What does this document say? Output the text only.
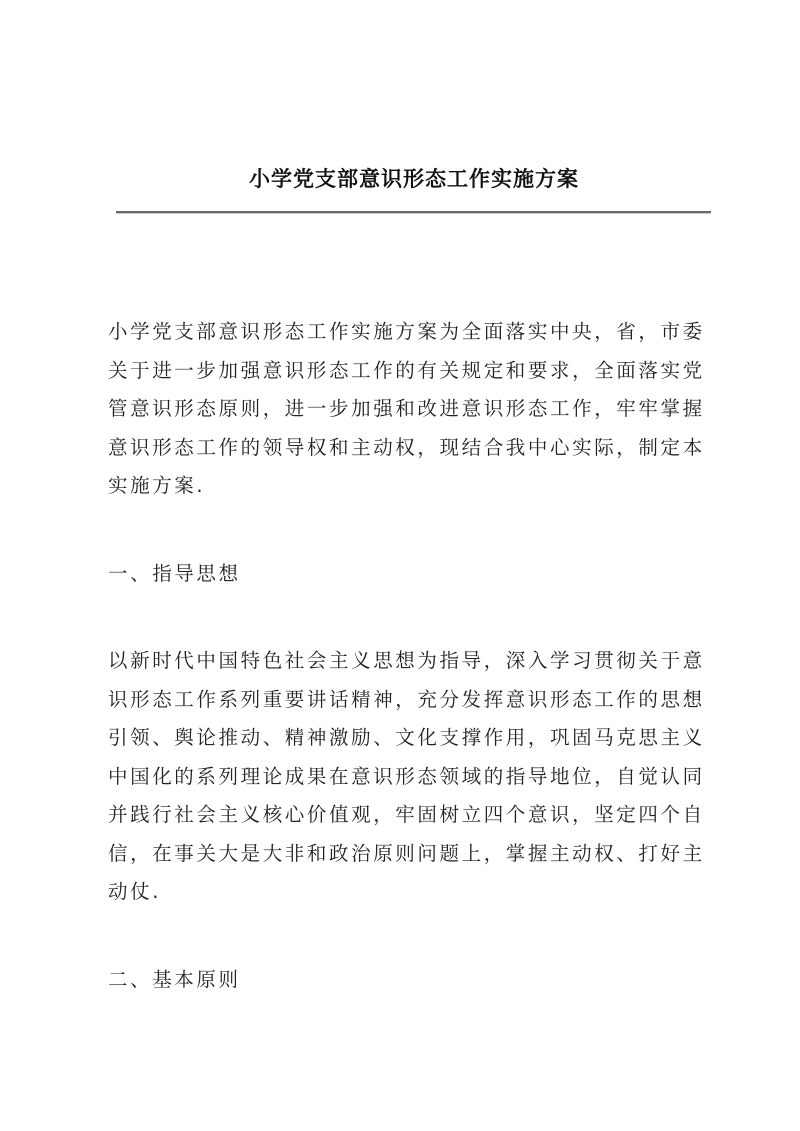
小学党支部意识形态工作实施方案

小学党支部意识形态工作实施方案为全面落实中央，省，市委关于进一步加强意识形态工作的有关规定和要求，全面落实党管意识形态原则，进一步加强和改进意识形态工作，牢牢掌握意识形态工作的领导权和主动权，现结合我中心实际，制定本实施方案.

一、指导思想

以新时代中国特色社会主义思想为指导，深入学习贯彻关于意识形态工作系列重要讲话精神，充分发挥意识形态工作的思想引领、舆论推动、精神激励、文化支撑作用，巩固马克思主义中国化的系列理论成果在意识形态领域的指导地位，自觉认同并践行社会主义核心价值观，牢固树立四个意识，坚定四个自信，在事关大是大非和政治原则问题上，掌握主动权、打好主动仗.

二、基本原则
